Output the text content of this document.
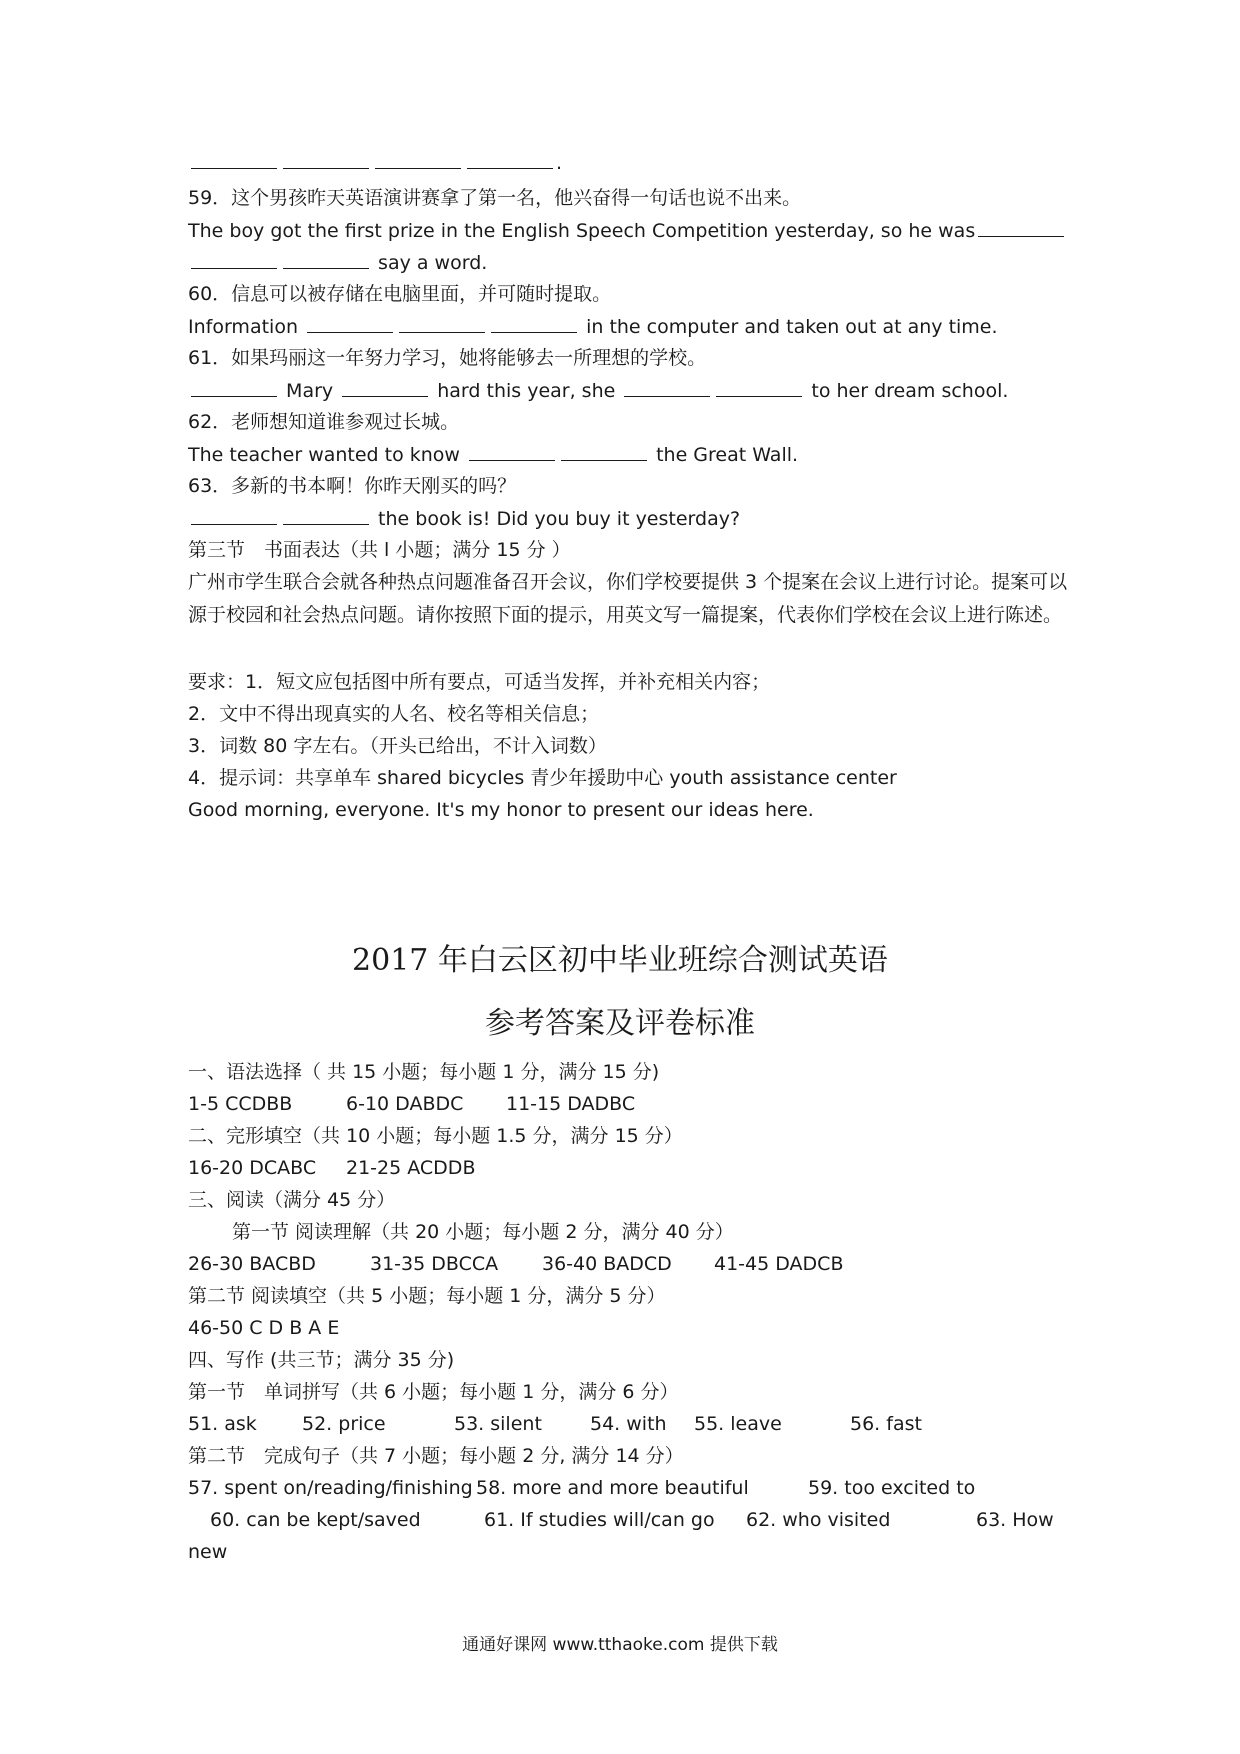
.
59．这个男孩昨天英语演讲赛拿了第一名，他兴奋得一句话也说不出来。
The boy got the first prize in the English Speech Competition yesterday, so he was
say a word.
60．信息可以被存储在电脑里面，并可随时提取。
Information	in the computer and taken out at any time.
61．如果玛丽这一年努力学习，她将能够去一所理想的学校。
Mary	hard this year, she	to her dream school.
62．老师想知道谁参观过长城。
The teacher wanted to know	the Great Wall.
63．多新的书本啊！你昨天刚买的吗？
the book is! Did you buy it yesterday?
第三节　书面表达（共 l 小题；满分 15 分 ）
广州市学生联合会就各种热点问题准备召开会议，你们学校要提供 3 个提案在会议上进行讨论。提案可以源于校园和社会热点问题。请你按照下面的提示，用英文写一篇提案，代表你们学校在会议上进行陈述。
要求：1．短文应包括图中所有要点，可适当发挥，并补充相关内容；
2．文中不得出现真实的人名、校名等相关信息；
3．词数 80 字左右。（开头已给出，不计入词数）
4．提示词：共享单车 shared bicycles 青少年援助中心 youth assistance center
Good morning, everyone. It's my honor to present our ideas here.
2017 年白云区初中毕业班综合测试英语
参考答案及评卷标准
一、语法选择（ 共 15 小题；每小题 1 分，满分 15 分)
1-5 CCDBB	6-10 DABDC 11-15 DADBC
二、完形填空（共 10 小题；每小题 1.5 分，满分 15 分）
16-20 DCABC 21-25 ACDDB
三、阅读（满分 45 分）
第一节 阅读理解（共 20 小题；每小题 2 分，满分 40 分）
26-30 BACBD	31-35 DBCCA 36-40 BADCD 41-45 DADCB
第二节 阅读填空（共 5 小题；每小题 1 分，满分 5 分）
46-50 C D B A E
四、写作 (共三节；满分 35 分)
第一节　单词拼写（共 6 小题；每小题 1 分，满分 6 分）
51. ask 52. price	53. silent	54. with 55. leave	56. fast
第二节　完成句子（共 7 小题；每小题 2 分, 满分 14 分）
57. spent on/reading/finishing 58. more and more beautiful	59. too excited to
60. can be kept/saved	61. If studies will/can go 62. who visited	63. How
new
通通好课网 www.tthaoke.com 提供下载
